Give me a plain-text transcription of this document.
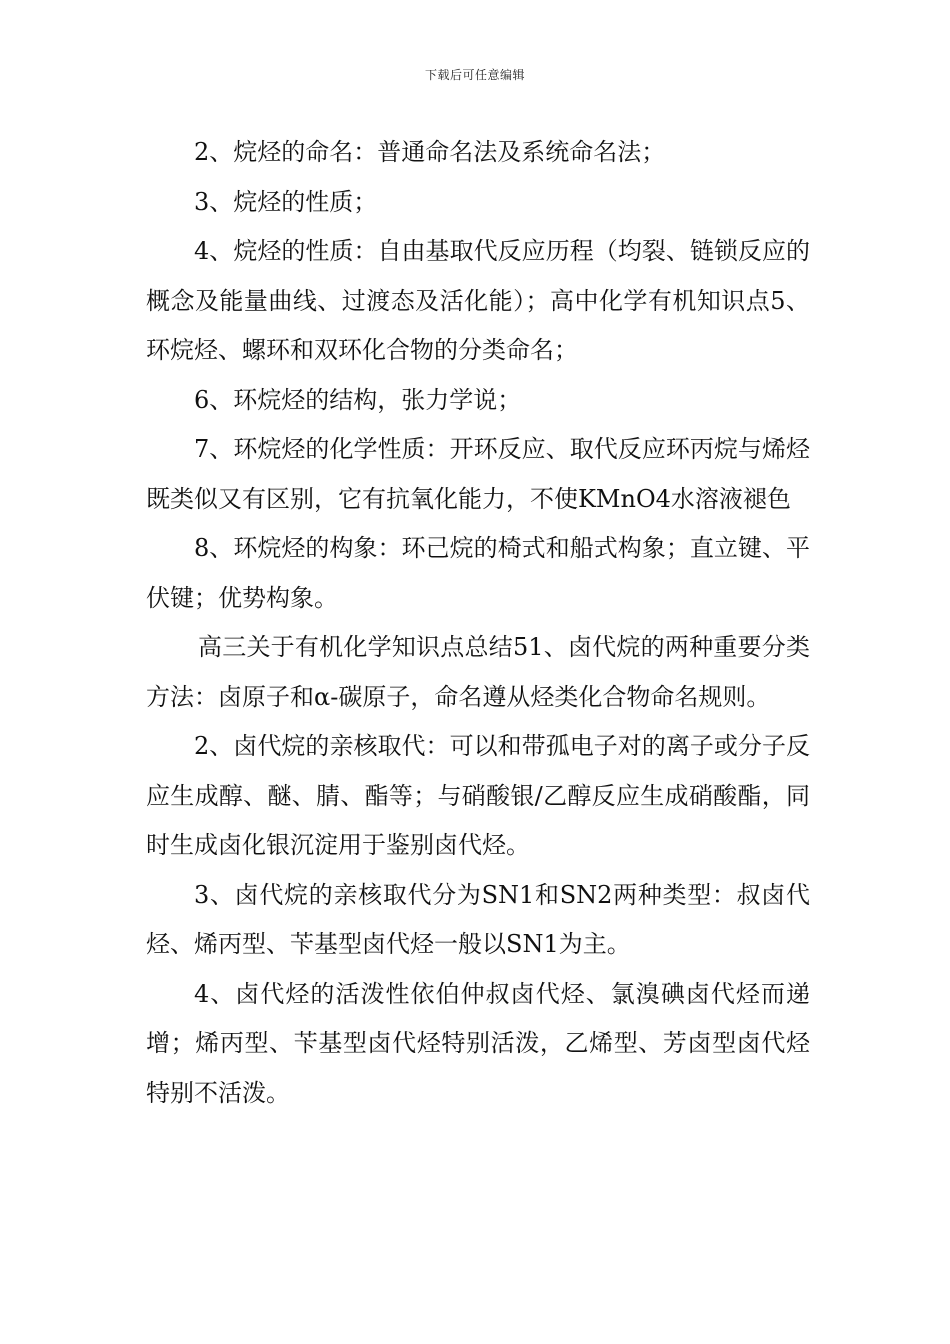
下载后可任意编辑

2、烷烃的命名：普通命名法及系统命名法；

3、烷烃的性质；

4、烷烃的性质：自由基取代反应历程（均裂、链锁反应的概念及能量曲线、过渡态及活化能）；高中化学有机知识点5、环烷烃、螺环和双环化合物的分类命名；

6、环烷烃的结构，张力学说；

7、环烷烃的化学性质：开环反应、取代反应环丙烷与烯烃既类似又有区别，它有抗氧化能力，不使KMnO4水溶液褪色

8、环烷烃的构象：环己烷的椅式和船式构象；直立键、平伏键；优势构象。

高三关于有机化学知识点总结51、卤代烷的两种重要分类方法：卤原子和α-碳原子，命名遵从烃类化合物命名规则。

2、卤代烷的亲核取代：可以和带孤电子对的离子或分子反应生成醇、醚、腈、酯等；与硝酸银/乙醇反应生成硝酸酯，同时生成卤化银沉淀用于鉴别卤代烃。

3、卤代烷的亲核取代分为SN1和SN2两种类型：叔卤代烃、烯丙型、苄基型卤代烃一般以SN1为主。

4、卤代烃的活泼性依伯仲叔卤代烃、氯溴碘卤代烃而递增；烯丙型、苄基型卤代烃特别活泼，乙烯型、芳卤型卤代烃特别不活泼。
